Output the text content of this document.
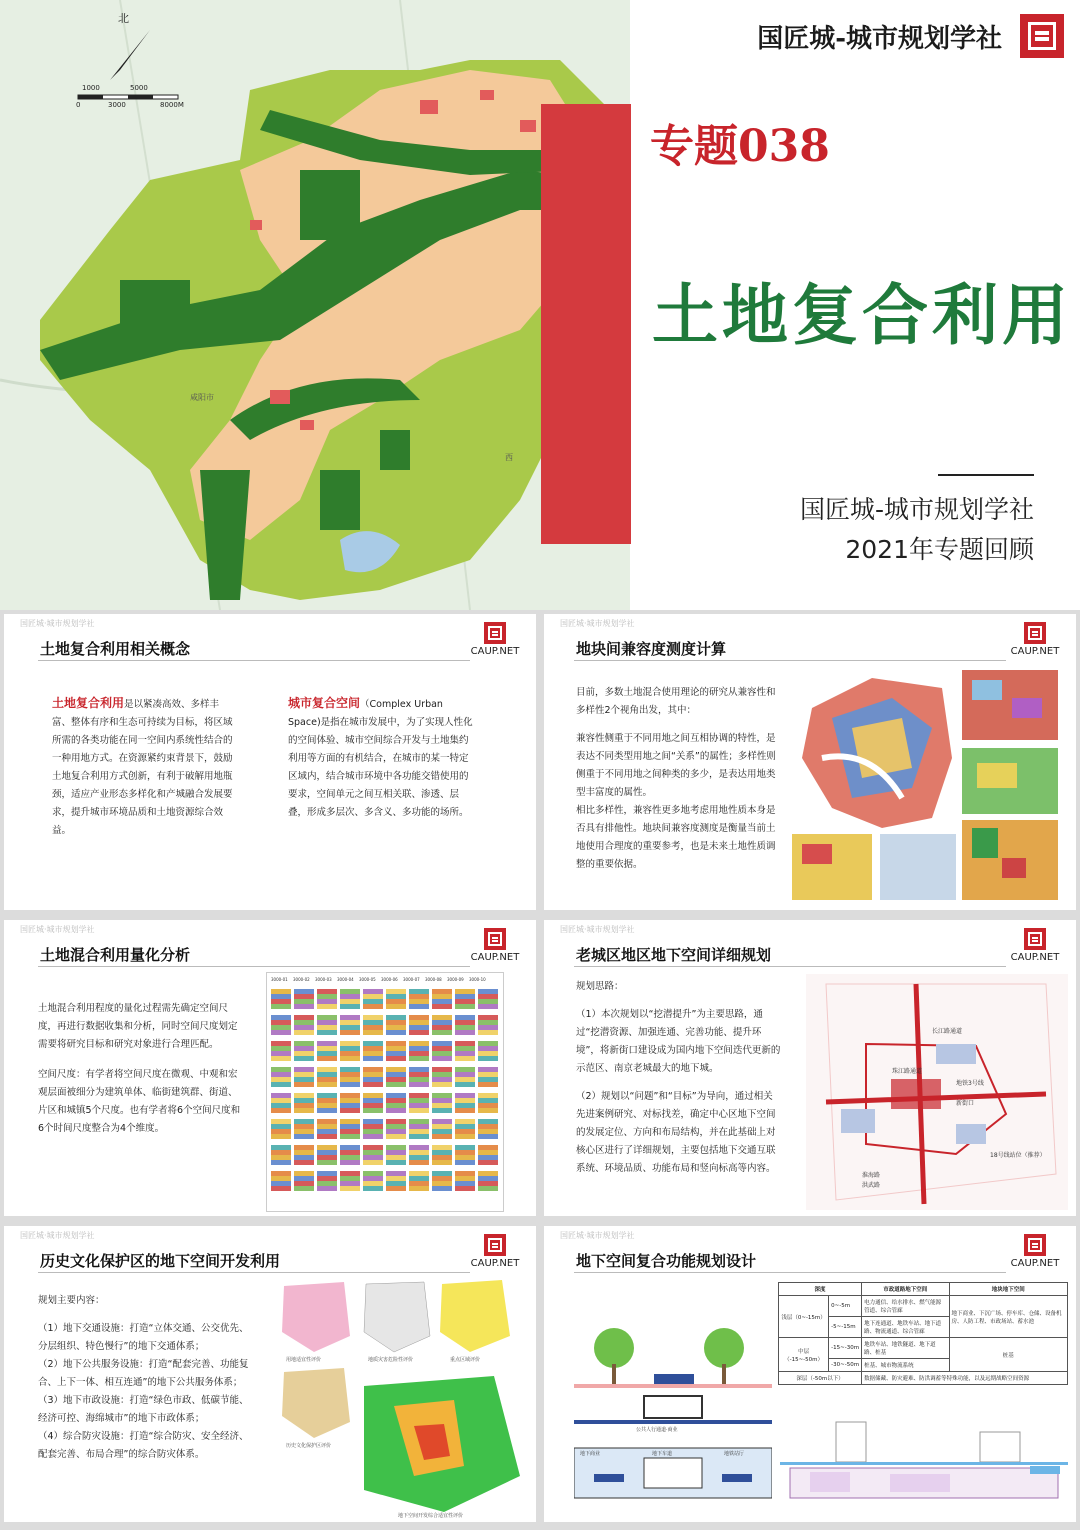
北
1000	5000
0	3000	8000M
咸阳市
西
国匠城-城市规划学社
专题038
土地复合利用
国匠城-城市规划学社
2021年专题回顾
国匠城·城市规划学社
土地复合利用相关概念	CAUP.NET
土地复合利用是以紧凑高效、多样丰富、整体有序和生态可持续为目标，将区域所需的各类功能在同一空间内系统性结合的一种用地方式。在资源紧约束背景下，鼓励土地复合利用方式创新，有利于破解用地瓶颈，适应产业形态多样化和产城融合发展要求，提升城市环境品质和土地资源综合效益。
城市复合空间（Complex Urban Space)是指在城市发展中，为了实现人性化的空间体验、城市空间综合开发与土地集约利用等方面的有机结合，在城市的某一特定区域内，结合城市环境中各功能交错使用的要求，空间单元之间互相关联、渗透、层叠，形成多层次、多含义、多功能的场所。
国匠城·城市规划学社
地块间兼容度测度计算	CAUP.NET
目前，多数土地混合使用理论的研究从兼容性和多样性2个视角出发，其中：
兼容性侧重于不同用地之间互相协调的特性，是表达不同类型用地之间“关系”的属性；多样性则侧重于不同用地之间种类的多少，是表达用地类型丰富度的属性。
相比多样性，兼容性更多地考虑用地性质本身是否具有排他性。地块间兼容度测度是衡量当前土地使用合理度的重要参考，也是未来土地性质调整的重要依据。
国匠城·城市规划学社
土地混合利用量化分析	CAUP.NET
土地混合利用程度的量化过程需先确定空间尺度，再进行数据收集和分析，同时空间尺度划定需要将研究目标和研究对象进行合理匹配。
空间尺度：有学者将空间尺度在微观、中观和宏观层面被细分为建筑单体、临街建筑群、街道、片区和城镇5个尺度。也有学者将6个空间尺度和6个时间尺度整合为4个维度。
3000-01	3000-02	3000-03	3000-04	3000-05	3000-06	3000-07	3000-08	3000-09	3000-10
国匠城·城市规划学社
老城区地区地下空间详细规划	CAUP.NET
规划思路：
（1）本次规划以“挖潜提升”为主要思路，通过“挖潜资源、加强连通、完善功能、提升环境”，将新街口建设成为国内地下空间迭代更新的示范区、南京老城最大的地下城。
（2）规划以“问题”和“目标”为导向，通过相关先进案例研究、对标找差，确定中心区地下空间的发展定位、方向和布局结构，并在此基础上对核心区进行了详细规划，主要包括地下交通互联系统、环境品质、功能布局和竖向标高等内容。
长江路通道
珠江路通道
新街口
地铁3号线
18号线站位（推荐）
淮海路
洪武路
国匠城·城市规划学社
历史文化保护区的地下空间开发利用	CAUP.NET
规划主要内容：
（1）地下交通设施：打造“立体交通、公交优先、分层组织、特色慢行”的地下交通体系；
（2）地下公共服务设施：打造“配套完善、功能复合、上下一体、相互连通”的地下公共服务体系；
（3）地下市政设施：打造“绿色市政、低碳节能、经济可控、海绵城市”的地下市政体系；
（4）综合防灾设施：打造“综合防灾、安全经济、配套完善、布局合理”的综合防灾体系。
用地适宜性评价	地质灾害危险性评价	重点区域评价
历史文化保护区评价
地下空间开发综合适宜性评价
国匠城·城市规划学社
地下空间复合功能规划设计	CAUP.NET
公共人行通道·商业
地下商业	地下车道	地铁站厅
深度		市政道路地下空间	地块地下空间
浅层（0~-15m）	0~-5m	电力通信、给水排水、燃气能源管道、综合管廊	地下商业、下沉广场、停车库、仓储、设备机房、人防工程、市政场站、蓄水池
	-5~-15m	地下连通道、地铁车站、地下道路、物流通道、综合管廊	
中层（-15~-50m）	-15~-30m	地铁车站、地铁隧道、地下道路、桩基	桩基
	-30~-50m	桩基、城市物流系统	
深层（-50m以下）		数据储藏、防灾避难、防洪调蓄等特殊功能，以及远期战略空间资源	
